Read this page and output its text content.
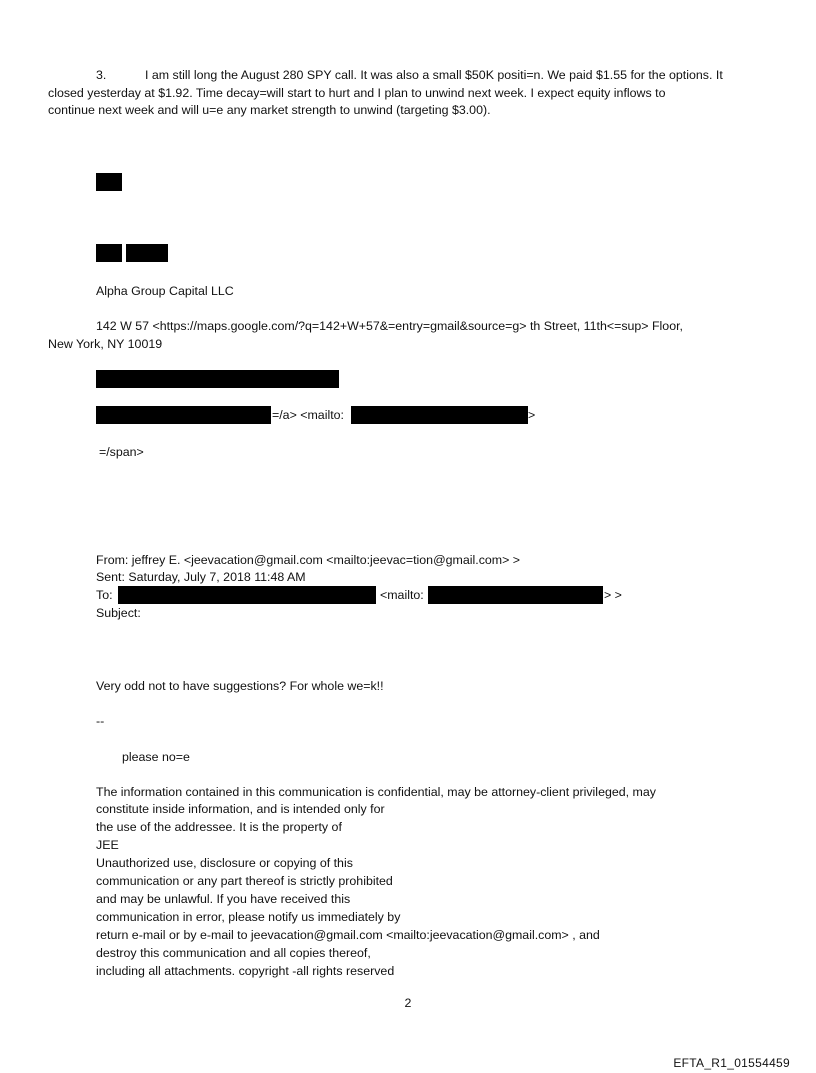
3.	I am still long the August 280 SPY call. It was also a small $50K positi=n. We paid $1.55 for the options. It
closed yesterday at $1.92. Time decay=will start to hurt and I plan to unwind next week. I expect equity inflows to
continue next week and will u=e any market strength to unwind (targeting $3.00).
Alpha Group Capital LLC
142 W 57 <https://maps.google.com/?q=142+W+57&=entry=gmail&source=g> th Street, 11th<=sup> Floor,
New York, NY 10019
=/a> <mailto:	>
=/span>
From: jeffrey E. <jeevacation@gmail.com <mailto:jeevac=tion@gmail.com> >
Sent: Saturday, July 7, 2018 11:48 AM
To:	<mailto:	> >
Subject:
Very odd not to have suggestions? For whole we=k!!
--
please no=e
The information contained in this communication is confidential, may be attorney-client privileged, may
constitute inside information, and is intended only for
the use of the addressee. It is the property of
JEE
Unauthorized use, disclosure or copying of this
communication or any part thereof is strictly prohibited
and may be unlawful. If you have received this
communication in error, please notify us immediately by
return e-mail or by e-mail to jeevacation@gmail.com <mailto:jeevacation@gmail.com> , and
destroy this communication and all copies thereof,
including all attachments. copyright -all rights reserved
2
EFTA_R1_01554459
